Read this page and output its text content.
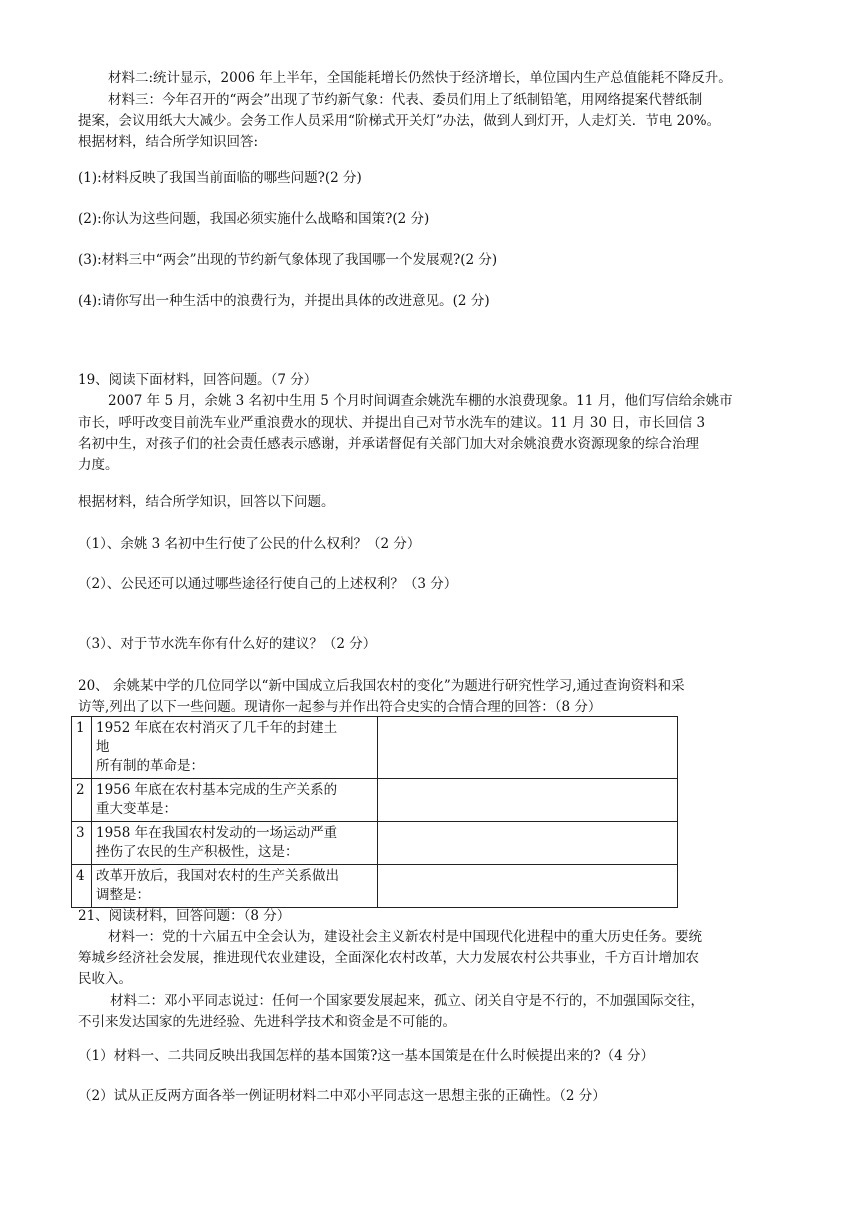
材料二:统计显示，2006 年上半年，全国能耗增长仍然快于经济增长，单位国内生产总值能耗不降反升。
材料三：今年召开的“两会”出现了节约新气象：代表、委员们用上了纸制铅笔，用网络提案代替纸制
提案，会议用纸大大减少。会务工作人员采用“阶梯式开关灯”办法，做到人到灯开，人走灯关．节电 20%。
根据材料，结合所学知识回答:
(1):材料反映了我国当前面临的哪些问题?(2 分)
(2):你认为这些问题，我国必须实施什么战略和国策?(2 分)
(3):材料三中“两会”出现的节约新气象体现了我国哪一个发展观?(2 分)
(4):请你写出一种生活中的浪费行为，并提出具体的改进意见。(2 分)
19、阅读下面材料，回答问题。（7 分）
2007 年 5 月，余姚 3 名初中生用 5 个月时间调查余姚洗车棚的水浪费现象。11 月，他们写信给余姚市
市长，呼吁改变目前洗车业严重浪费水的现状、并提出自己对节水洗车的建议。11 月 30 日，市长回信 3
名初中生，对孩子们的社会责任感表示感谢，并承诺督促有关部门加大对余姚浪费水资源现象的综合治理
力度。
根据材料，结合所学知识，回答以下问题。
（1）、余姚 3 名初中生行使了公民的什么权利？（2 分）
（2）、公民还可以通过哪些途径行使自己的上述权利？（3 分）
（3）、对于节水洗车你有什么好的建议？（2 分）
20、 余姚某中学的几位同学以“新中国成立后我国农村的变化”为题进行研究性学习,通过查询资料和采
访等,列出了以下一些问题。现请你一起参与并作出符合史实的合情合理的回答：（8 分）
1	1952 年底在农村消灭了几千年的封建土
地
所有制的革命是：	

2	1956 年底在农村基本完成的生产关系的
重大变革是：	

3	1958 年在我国农村发动的一场运动严重
挫伤了农民的生产积极性，这是：	

4	改革开放后，我国对农村的生产关系做出
调整是：	

21、阅读材料，回答问题：（8 分）
材料一：党的十六届五中全会认为，建设社会主义新农村是中国现代化进程中的重大历史任务。要统
筹城乡经济社会发展，推进现代农业建设，全面深化农村改革，大力发展农村公共事业，千方百计增加农
民收入。
材料二：邓小平同志说过：任何一个国家要发展起来，孤立、闭关自守是不行的，不加强国际交往，
不引来发达国家的先进经验、先进科学技术和资金是不可能的。
（1）材料一、二共同反映出我国怎样的基本国策?这一基本国策是在什么时候提出来的?（4 分）
（2）试从正反两方面各举一例证明材料二中邓小平同志这一思想主张的正确性。（2 分）
